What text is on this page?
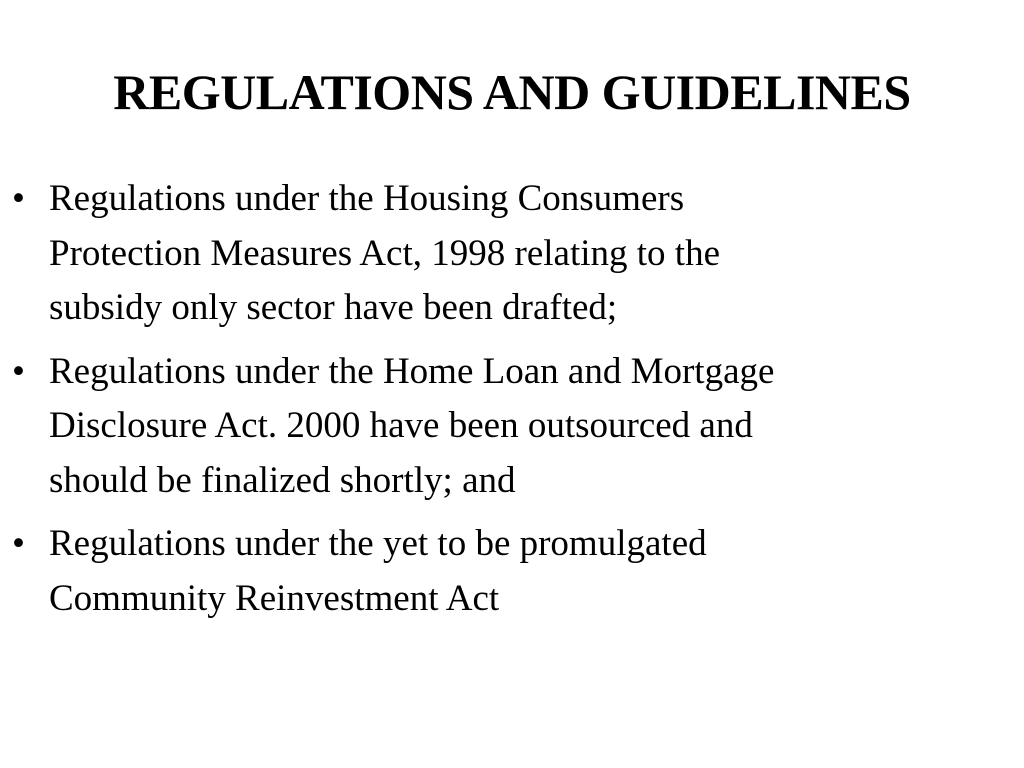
REGULATIONS AND GUIDELINES
• Regulations under the Housing Consumers
Protection Measures Act, 1998 relating to the
subsidy only sector have been drafted;
• Regulations under the Home Loan and Mortgage
Disclosure Act. 2000 have been outsourced and
should be finalized shortly; and
• Regulations under the yet to be promulgated
Community Reinvestment Act
